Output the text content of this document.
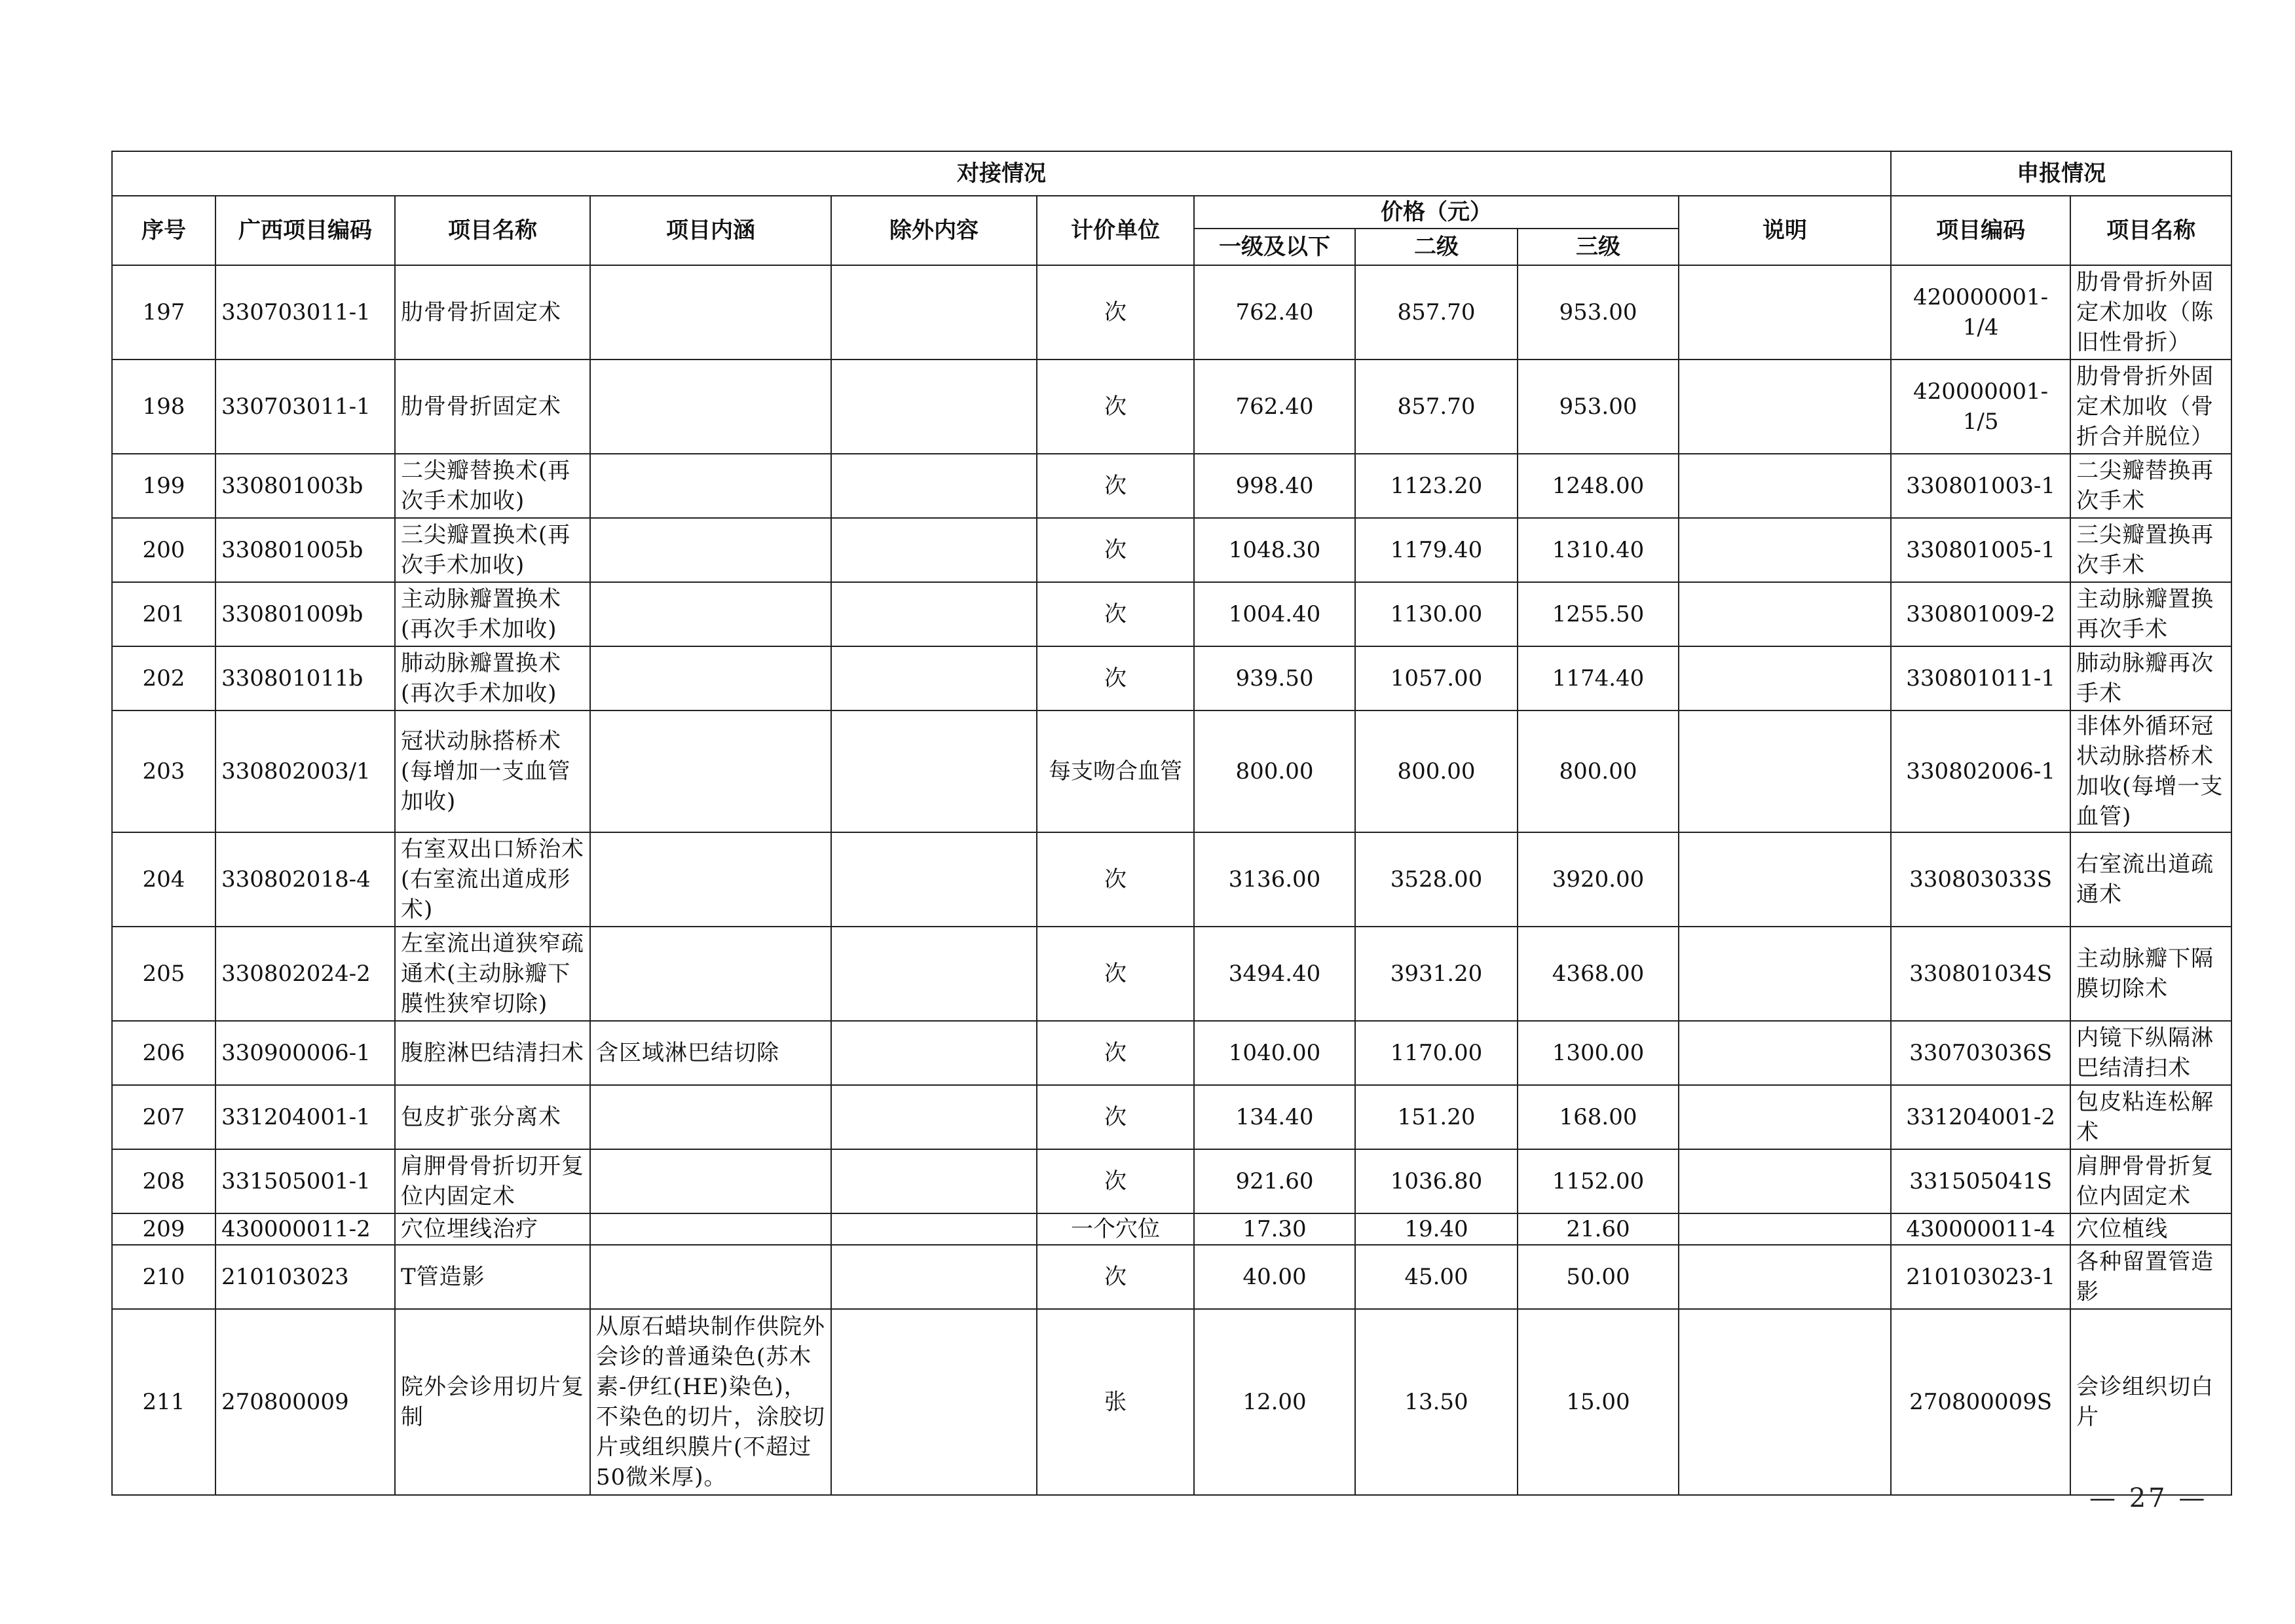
对接情况										申报情况	
序号	广西项目编码	项目名称	项目内涵	除外内容	计价单位	价格（元）			说明	项目编码	项目名称
						一级及以下	二级	三级			
197	330703011-1	肋骨骨折固定术			次	762.40	857.70	953.00		420000001-1/4	肋骨骨折外固定术加收（陈旧性骨折）
198	330703011-1	肋骨骨折固定术			次	762.40	857.70	953.00		420000001-1/5	肋骨骨折外固定术加收（骨折合并脱位）
199	330801003b	二尖瓣替换术(再次手术加收)			次	998.40	1123.20	1248.00		330801003-1	二尖瓣替换再次手术
200	330801005b	三尖瓣置换术(再次手术加收)			次	1048.30	1179.40	1310.40		330801005-1	三尖瓣置换再次手术
201	330801009b	主动脉瓣置换术(再次手术加收)			次	1004.40	1130.00	1255.50		330801009-2	主动脉瓣置换再次手术
202	330801011b	肺动脉瓣置换术(再次手术加收)			次	939.50	1057.00	1174.40		330801011-1	肺动脉瓣再次手术
203	330802003/1	冠状动脉搭桥术(每增加一支血管加收)			每支吻合血管	800.00	800.00	800.00		330802006-1	非体外循环冠状动脉搭桥术加收(每增一支血管)
204	330802018-4	右室双出口矫治术(右室流出道成形术)			次	3136.00	3528.00	3920.00		330803033S	右室流出道疏通术
205	330802024-2	左室流出道狭窄疏通术(主动脉瓣下膜性狭窄切除)			次	3494.40	3931.20	4368.00		330801034S	主动脉瓣下隔膜切除术
206	330900006-1	腹腔淋巴结清扫术	含区域淋巴结切除		次	1040.00	1170.00	1300.00		330703036S	内镜下纵隔淋巴结清扫术
207	331204001-1	包皮扩张分离术			次	134.40	151.20	168.00		331204001-2	包皮粘连松解术
208	331505001-1	肩胛骨骨折切开复位内固定术			次	921.60	1036.80	1152.00		331505041S	肩胛骨骨折复位内固定术
209	430000011-2	穴位埋线治疗			一个穴位	17.30	19.40	21.60		430000011-4	穴位植线
210	210103023	T管造影			次	40.00	45.00	50.00		210103023-1	各种留置管造影
211	270800009	院外会诊用切片复制	从原石蜡块制作供院外会诊的普通染色(苏木素-伊红(HE)染色)，不染色的切片，涂胶切片或组织膜片(不超过50微米厚)。		张	12.00	13.50	15.00		270800009S	会诊组织切白片
— 27 —
